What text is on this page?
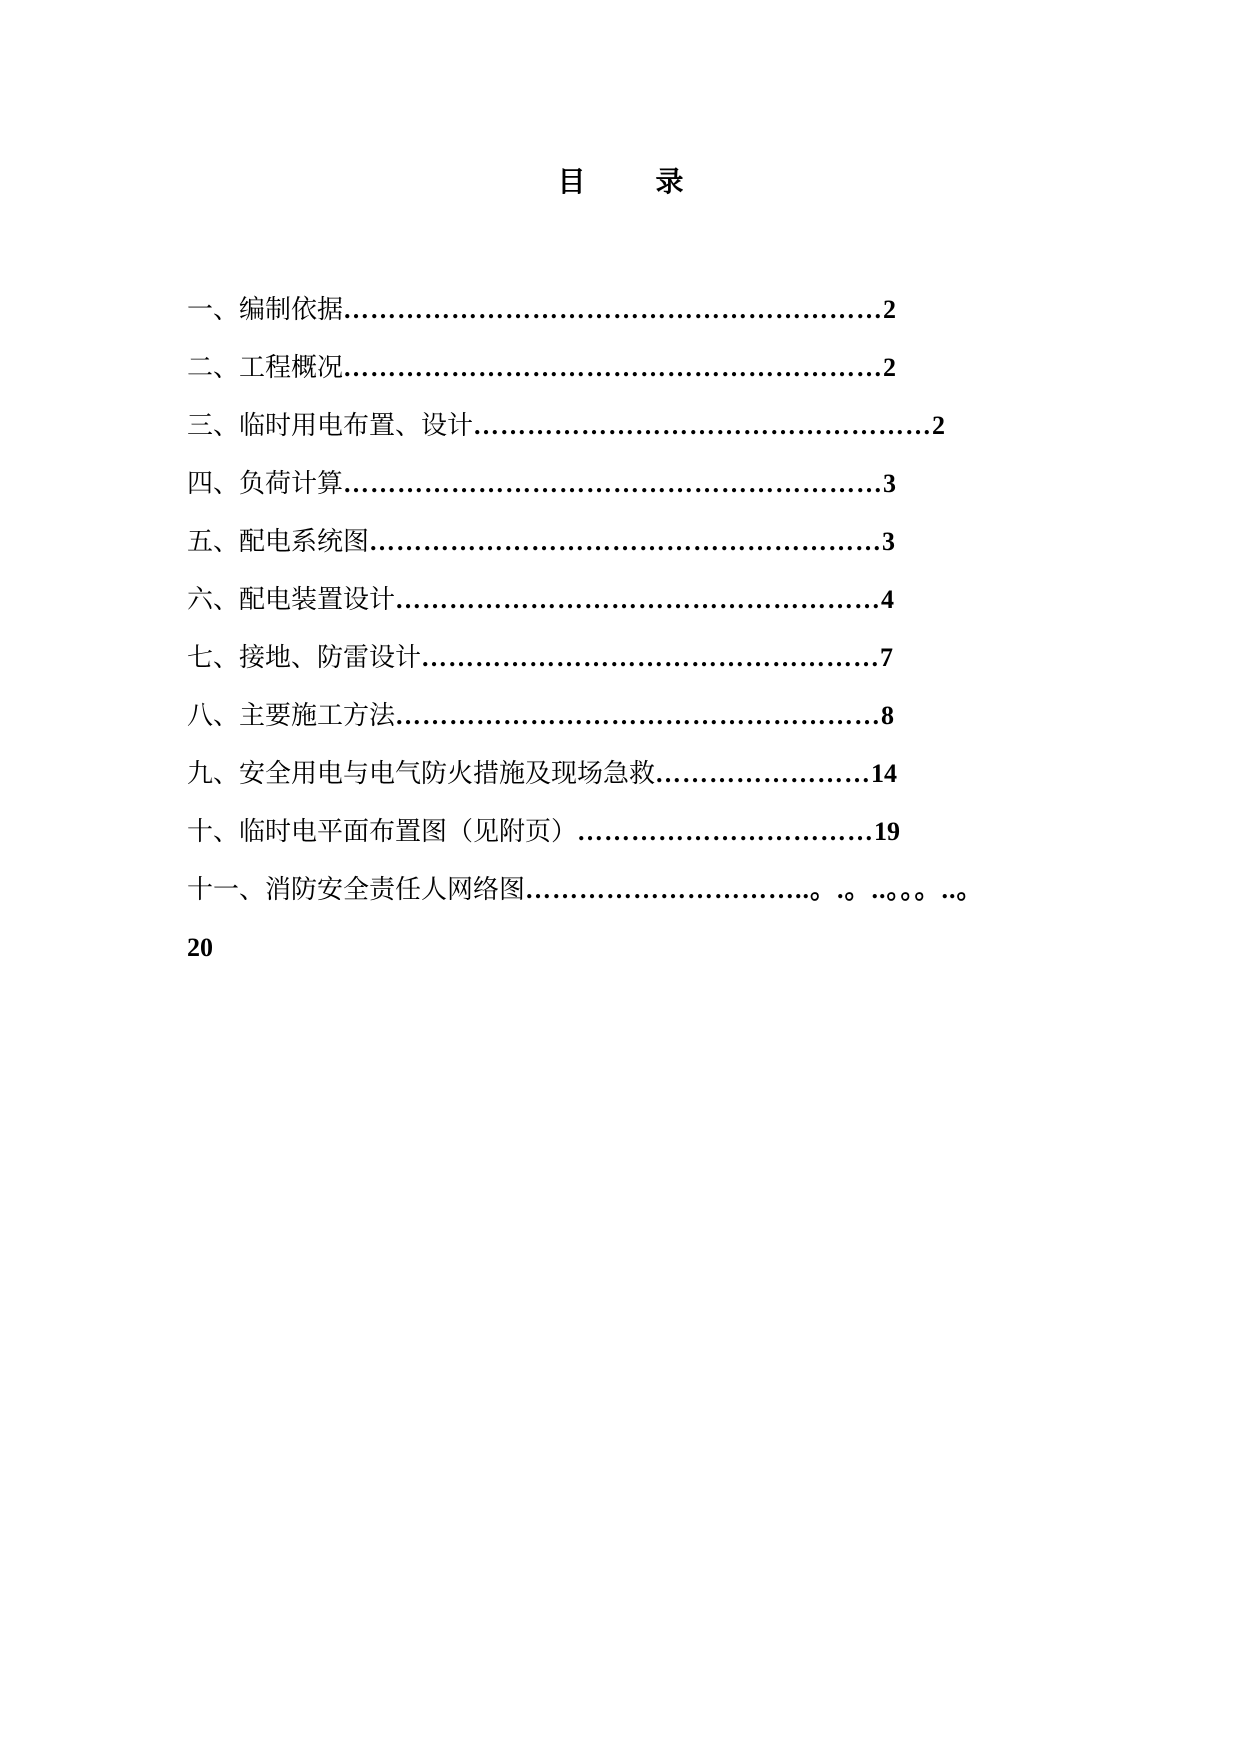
目	录
一、编制依据……………………………………………………2
二、工程概况……………………………………………………2
三、临时用电布置、设计……………………………………………2
四、负荷计算……………………………………………………3
五、配电系统图…………………………………………………3
六、配电装置设计………………………………………………4
七、接地、防雷设计……………………………………………7
八、主要施工方法………………………………………………8
九、安全用电与电气防火措施及现场急救……………………14
十、临时电平面布置图（见附页）……………………………19
十一、消防安全责任人网络图…………………………..。.。..。。。..。
20
